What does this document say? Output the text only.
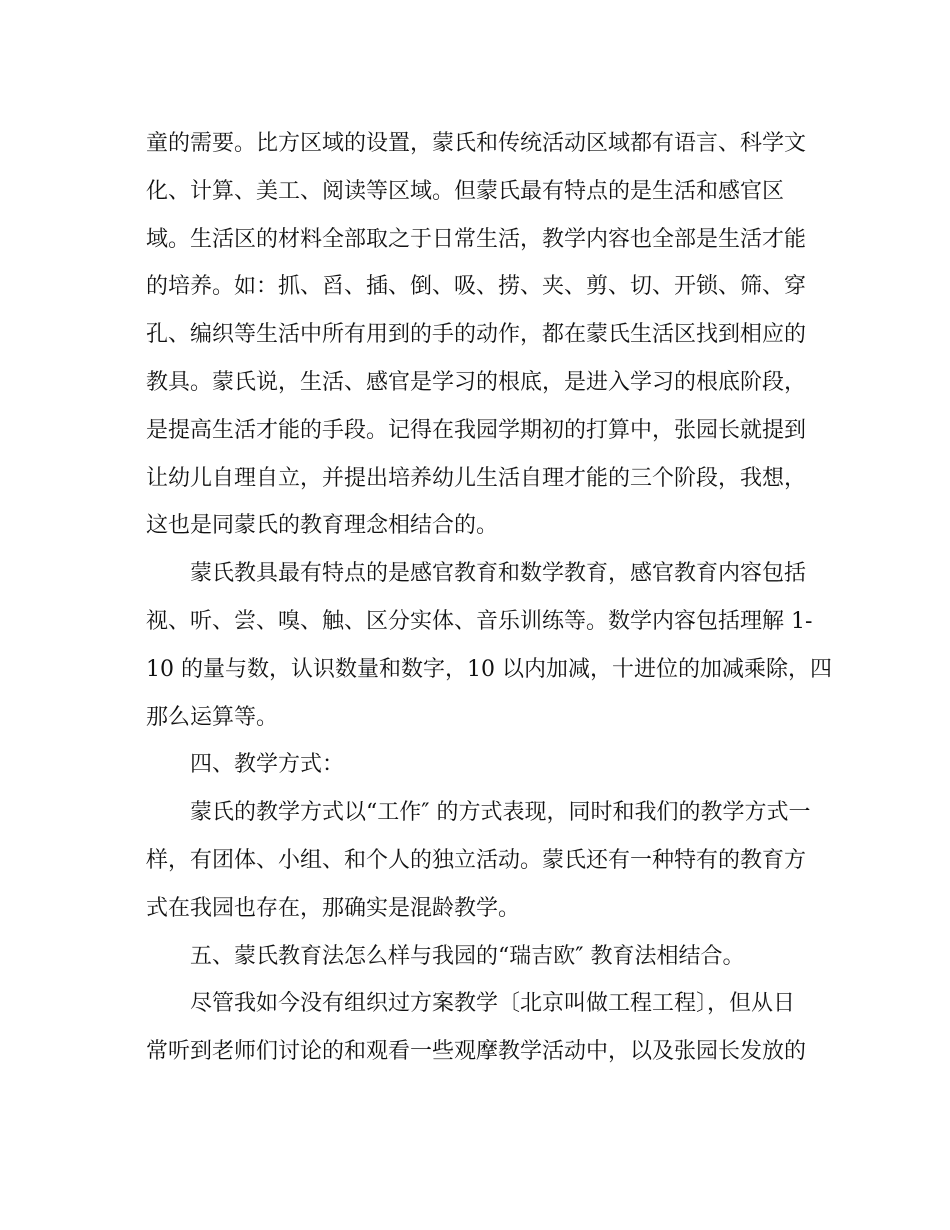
童的需要。比方区域的设置，蒙氏和传统活动区域都有语言、科学文
化、计算、美工、阅读等区域。但蒙氏最有特点的是生活和感官区
域。生活区的材料全部取之于日常生活，教学内容也全部是生活才能
的培养。如：抓、舀、插、倒、吸、捞、夹、剪、切、开锁、筛、穿
孔、编织等生活中所有用到的手的动作，都在蒙氏生活区找到相应的
教具。蒙氏说，生活、感官是学习的根底，是进入学习的根底阶段，
是提高生活才能的手段。记得在我园学期初的打算中，张园长就提到
让幼儿自理自立，并提出培养幼儿生活自理才能的三个阶段，我想，
这也是同蒙氏的教育理念相结合的。
蒙氏教具最有特点的是感官教育和数学教育，感官教育内容包括
视、听、尝、嗅、触、区分实体、音乐训练等。数学内容包括理解 1-
10 的量与数，认识数量和数字，10 以内加减，十进位的加减乘除，四
那么运算等。
四、教学方式：
蒙氏的教学方式以“工作″ 的方式表现，同时和我们的教学方式一
样，有团体、小组、和个人的独立活动。蒙氏还有一种特有的教育方
式在我园也存在，那确实是混龄教学。
五、蒙氏教育法怎么样与我园的“瑞吉欧″ 教育法相结合。
尽管我如今没有组织过方案教学〔北京叫做工程工程〕，但从日
常听到老师们讨论的和观看一些观摩教学活动中，以及张园长发放的
